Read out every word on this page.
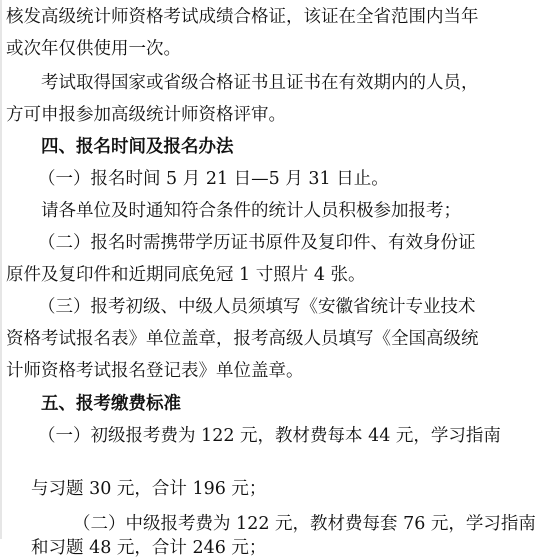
核发高级统计师资格考试成绩合格证，该证在全省范围内当年
或次年仅供使用一次。
考试取得国家或省级合格证书且证书在有效期内的人员，
方可申报参加高级统计师资格评审。
四、报名时间及报名办法
（一）报名时间 5 月 21 日—5 月 31 日止。
请各单位及时通知符合条件的统计人员积极参加报考；
（二）报名时需携带学历证书原件及复印件、有效身份证
原件及复印件和近期同底免冠 1 寸照片 4 张。
（三）报考初级、中级人员须填写《安徽省统计专业技术
资格考试报名表》单位盖章，报考高级人员填写《全国高级统
计师资格考试报名登记表》单位盖章。
五、报考缴费标准
（一）初级报考费为 122 元，教材费每本 44 元，学习指南
与习题 30 元，合计 196 元；
（二）中级报考费为 122 元，教材费每套 76 元，学习指南
和习题 48 元，合计 246 元；
